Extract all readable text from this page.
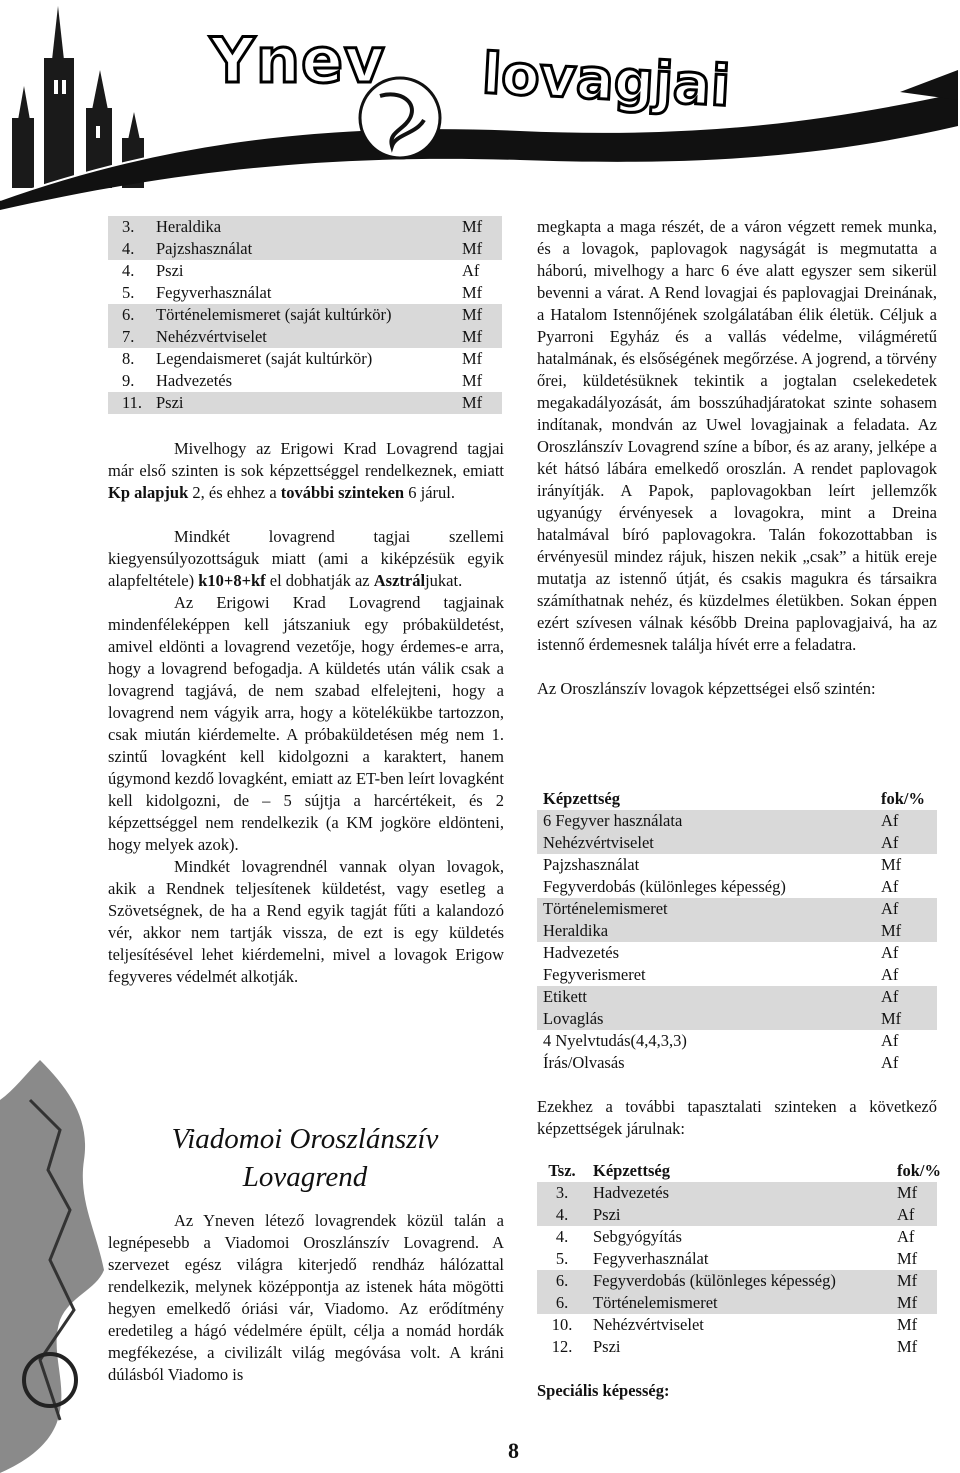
Ynev lovagjai
3.	Heraldika	Mf
4.	Pajzshasználat	Mf
4.	Pszi	Af
5.	Fegyverhasználat	Mf
6.	Történelemismeret (saját kultúrkör)	Mf
7.	Nehézvértviselet	Mf
8.	Legendaismeret (saját kultúrkör)	Mf
9.	Hadvezetés	Mf
11. Pszi	Mf

Mivelhogy az Erigowi Krad Lovagrend tagjai már első szinten is sok képzettséggel rendelkeznek, emiatt Kp alapjuk 2, és ehhez a további szinteken 6 járul.

Mindkét lovagrend tagjai szellemi kiegyensúlyozottságuk miatt (ami a kiképzésük egyik alapfeltétele) k10+8+kf el dobhatják az Asztráljukat.

Az Erigowi Krad Lovagrend tagjainak mindenféleképpen kell játszaniuk egy próbaküldetést, amivel eldönti a lovagrend vezetője, hogy érdemes-e arra, hogy a lovagrend befogadja. A küldetés után válik csak a lovagrend tagjává, de nem szabad elfelejteni, hogy a lovagrend nem vágyik arra, hogy a kötelékükbe tartozzon, csak miután kiérdemelte. A próbaküldetésen még nem 1. szintű lovagként kell kidolgozni a karaktert, hanem úgymond kezdő lovagként, emiatt az ET-ben leírt lovagként kell kidolgozni, de – 5 sújtja a harcértékeit, és 2 képzettséggel nem rendelkezik (a KM jogköre eldönteni, hogy melyek azok).

Mindkét lovagrendnél vannak olyan lovagok, akik a Rendnek teljesítenek küldetést, vagy esetleg a Szövetségnek, de ha a Rend egyik tagját fűti a kalandozó vér, akkor nem tartják vissza, de ezt is egy küldetés teljesítésével lehet kiérdemelni, mivel a lovagok Erigow fegyveres védelmét alkotják.

Viadomoi Oroszlánszív
Lovagrend

Az Yneven létező lovagrendek közül talán a legnépesebb a Viadomoi Oroszlánszív Lovagrend. A szervezet egész világra kiterjedő rendház hálózattal rendelkezik, melynek középpontja az istenek háta mögötti hegyen emelkedő óriási vár, Viadomo. Az erődítmény eredetileg a hágó védelmére épült, célja a nomád hordák megfékezése, a civilizált világ megóvása volt. A kráni dúlásból Viadomo is

megkapta a maga részét, de a váron végzett remek munka, és a lovagok, paplovagok nagyságát is megmutatta a háború, mivelhogy a harc 6 éve alatt egyszer sem sikerül bevenni a várat. A Rend lovagjai és paplovagjai Dreinának, a Hatalom Istennőjének szolgálatában élik életük. Céljuk a Pyarroni Egyház és a vallás védelme, világméretű hatalmának, és elsőségének megőrzése. A jogrend, a törvény őrei, küldetésüknek tekintik a jogtalan cselekedetek megakadályozását, ám bosszúhadjáratokat szinte sohasem indítanak, mondván az Uwel lovagjainak a feladata. Az Oroszlánszív Lovagrend színe a bíbor, és az arany, jelképe a két hátsó lábára emelkedő oroszlán. A rendet paplovagok irányítják. A Papok, paplovagokban leírt jellemzők ugyanúgy érvényesek a lovagokra, mint a Dreina hatalmával bíró paplovagokra. Talán fokozottabban is érvényesül mindez rájuk, hiszen nekik „csak” a hitük ereje mutatja az istennő útját, és csakis magukra és társaikra számíthatnak nehéz, és küzdelmes életükben. Sokan éppen ezért szívesen válnak később Dreina paplovagjaivá, ha az istennő érdemesnek találja hívét erre a feladatra.

Az Oroszlánszív lovagok képzettségei első szintén:

Képzettség	fok/%
6 Fegyver használata	Af
Nehézvértviselet	Af
Pajzshasználat	Mf
Fegyverdobás (különleges képesség)	Af
Történelemismeret	Af
Heraldika	Mf
Hadvezetés	Af
Fegyverismeret	Af
Etikett	Af
Lovaglás	Mf
4 Nyelvtudás(4,4,3,3)	Af
Írás/Olvasás	Af

Ezekhez a további tapasztalati szinteken a következő képzettségek járulnak:

Tsz.	Képzettség	fok/%
3.	Hadvezetés	Mf
4.	Pszi	Af
4.	Sebgyógyítás	Af
5.	Fegyverhasználat	Mf
6.	Fegyverdobás (különleges képesség)	Mf
6.	Történelemismeret	Mf
10.	Nehézvértviselet	Mf
12.	Pszi	Mf
Speciális képesség:
8
